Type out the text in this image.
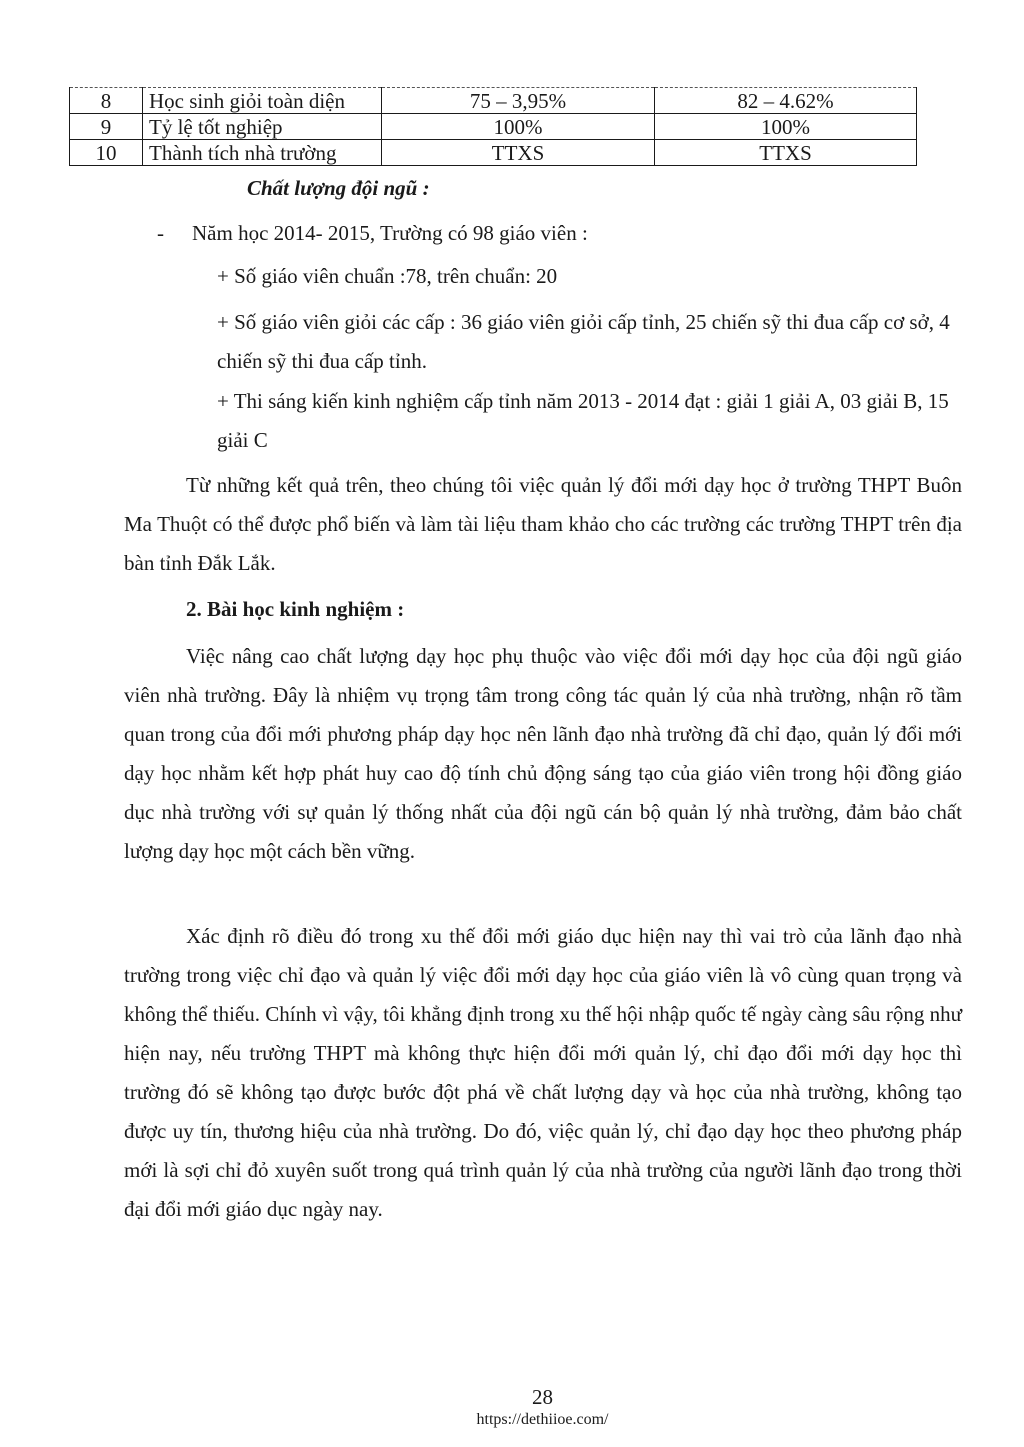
8	Học sinh giỏi toàn diện	75 – 3,95%	82 – 4.62%
9	Tỷ lệ tốt nghiệp	100%	100%
10	Thành tích nhà trường	TTXS	TTXS

Chất lượng đội ngũ :

- Năm học 2014- 2015, Trường có 98 giáo viên :

+ Số giáo viên chuẩn :78, trên chuẩn: 20

+ Số giáo viên giỏi các cấp : 36 giáo viên giỏi cấp tỉnh, 25 chiến sỹ thi đua cấp cơ sở, 4 chiến sỹ thi đua cấp tỉnh.

+ Thi sáng kiến kinh nghiệm cấp tỉnh năm 2013 - 2014 đạt : giải 1 giải A, 03 giải B, 15 giải C

Từ những kết quả trên, theo chúng tôi việc quản lý đổi mới dạy học ở trường THPT Buôn Ma Thuột có thể được phổ biến và làm tài liệu tham khảo cho các trường các trường THPT trên địa bàn tỉnh Đắk Lắk.

2. Bài học kinh nghiệm :

Việc nâng cao chất lượng dạy học phụ thuộc vào việc đổi mới dạy học của đội ngũ giáo viên nhà trường. Đây là nhiệm vụ trọng tâm trong công tác quản lý của nhà trường, nhận rõ tầm quan trong của đổi mới phương pháp dạy học nên lãnh đạo nhà trường đã chỉ đạo, quản lý đổi mới dạy học nhằm kết hợp phát huy cao độ tính chủ động sáng tạo của giáo viên trong hội đồng giáo dục nhà trường với sự quản lý thống nhất của đội ngũ cán bộ quản lý nhà trường, đảm bảo chất lượng dạy học một cách bền vững.

Xác định rõ điều đó trong xu thế đổi mới giáo dục hiện nay thì vai trò của lãnh đạo nhà trường trong việc chỉ đạo và quản lý việc đổi mới dạy học của giáo viên là vô cùng quan trọng và không thể thiếu. Chính vì vậy, tôi khẳng định trong xu thế hội nhập quốc tế ngày càng sâu rộng như hiện nay, nếu trường THPT mà không thực hiện đổi mới quản lý, chỉ đạo đổi mới dạy học thì trường đó sẽ không tạo được bước đột phá về chất lượng dạy và học của nhà trường, không tạo được uy tín, thương hiệu của nhà trường. Do đó, việc quản lý, chỉ đạo dạy học theo phương pháp mới là sợi chỉ đỏ xuyên suốt trong quá trình quản lý của nhà trường của người lãnh đạo trong thời đại đổi mới giáo dục ngày nay.

28
https://dethiioe.com/
